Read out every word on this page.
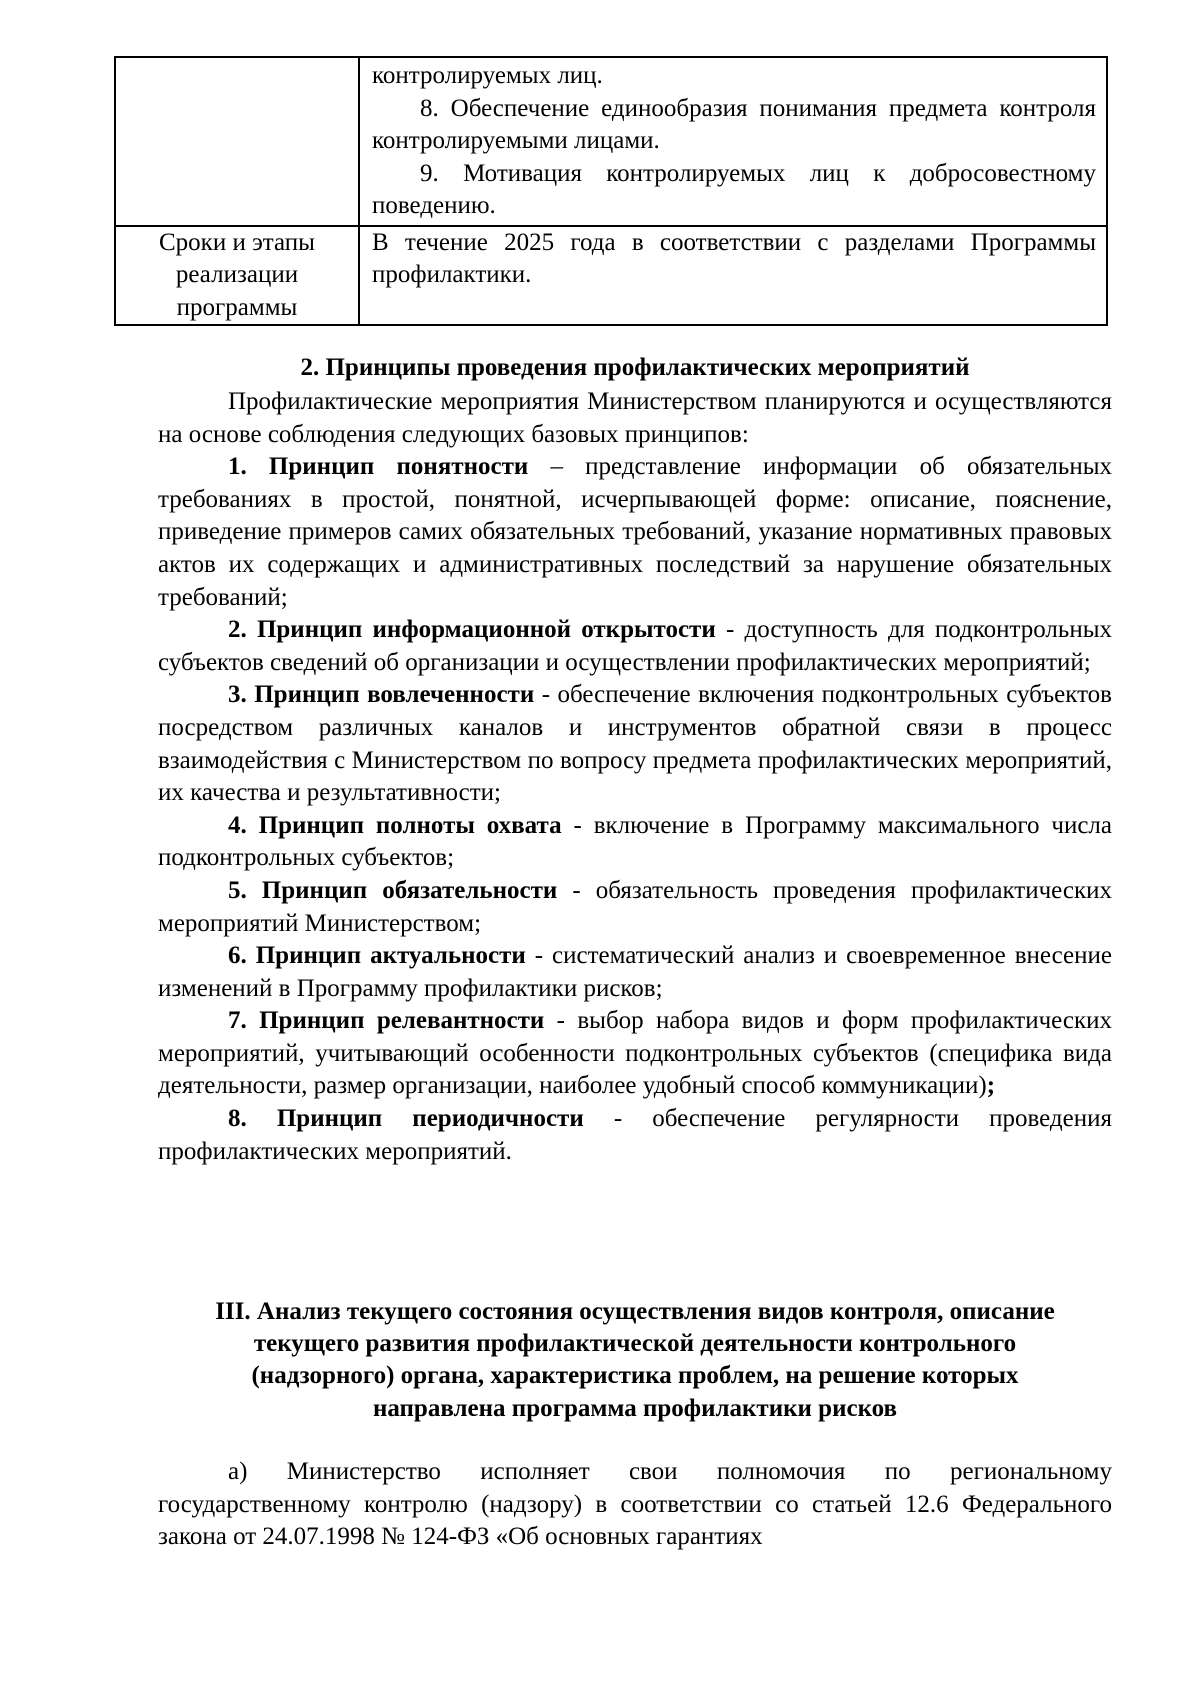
	контролируемых лиц.

8. Обеспечение единообразия понимания предмета контроля контролируемыми лицами.

9. Мотивация контролируемых лиц к добросовестному поведению.

Сроки и этапы реализации программы	В течение 2025 года в соответствии с разделами Программы профилактики.
2. Принципы проведения профилактических мероприятий

Профилактические мероприятия Министерством планируются и осуществляются на основе соблюдения следующих базовых принципов:

1. Принцип понятности – представление информации об обязательных требованиях в простой, понятной, исчерпывающей форме: описание, пояснение, приведение примеров самих обязательных требований, указание нормативных правовых актов их содержащих и административных последствий за нарушение обязательных требований;

2. Принцип информационной открытости - доступность для подконтрольных субъектов сведений об организации и осуществлении профилактических мероприятий;

3. Принцип вовлеченности - обеспечение включения подконтрольных субъектов посредством различных каналов и инструментов обратной связи в процесс взаимодействия с Министерством по вопросу предмета профилактических мероприятий, их качества и результативности;

4. Принцип полноты охвата - включение в Программу максимального числа подконтрольных субъектов;

5. Принцип обязательности - обязательность проведения профилактических мероприятий Министерством;

6. Принцип актуальности - систематический анализ и своевременное внесение изменений в Программу профилактики рисков;

7. Принцип релевантности - выбор набора видов и форм профилактических мероприятий, учитывающий особенности подконтрольных субъектов (специфика вида деятельности, размер организации, наиболее удобный способ коммуникации);

8. Принцип периодичности - обеспечение регулярности проведения профилактических мероприятий.

III. Анализ текущего состояния осуществления видов контроля, описание
текущего развития профилактической деятельности контрольного
(надзорного) органа, характеристика проблем, на решение которых
направлена программа профилактики рисков

а) Министерство исполняет свои полномочия по региональному государственному контролю (надзору) в соответствии со статьей 12.6 Федерального закона от 24.07.1998 № 124-ФЗ «Об основных гарантиях
